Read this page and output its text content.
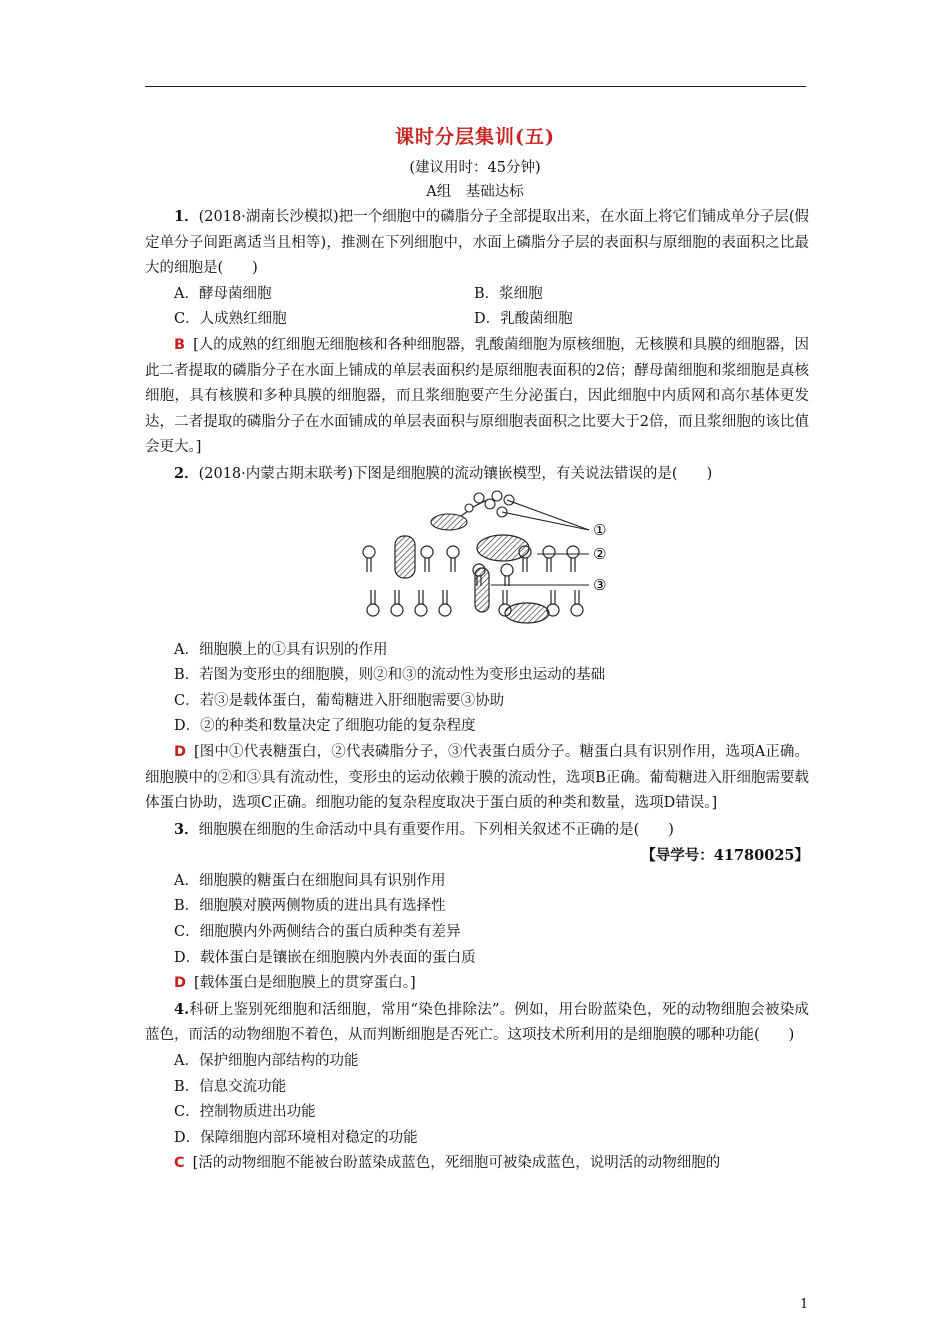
课时分层集训(五)
(建议用时：45分钟)
A组　基础达标

1．(2018·湖南长沙模拟)把一个细胞中的磷脂分子全部提取出来，在水面上将它们铺成单分子层(假定单分子间距离适当且相等)，推测在下列细胞中，水面上磷脂分子层的表面积与原细胞的表面积之比最大的细胞是(　　)

A．酵母菌细胞	B．浆细胞
C．人成熟红细胞	D．乳酸菌细胞

B [人的成熟的红细胞无细胞核和各种细胞器，乳酸菌细胞为原核细胞，无核膜和具膜的细胞器，因此二者提取的磷脂分子在水面上铺成的单层表面积约是原细胞表面积的2倍；酵母菌细胞和浆细胞是真核细胞，具有核膜和多种具膜的细胞器，而且浆细胞要产生分泌蛋白，因此细胞中内质网和高尔基体更发达，二者提取的磷脂分子在水面铺成的单层表面积与原细胞表面积之比要大于2倍，而且浆细胞的该比值会更大。]

2．(2018·内蒙古期末联考)下图是细胞膜的流动镶嵌模型，有关说法错误的是(　　)

①
②
③

A．细胞膜上的①具有识别的作用

B．若图为变形虫的细胞膜，则②和③的流动性为变形虫运动的基础

C．若③是载体蛋白，葡萄糖进入肝细胞需要③协助

D．②的种类和数量决定了细胞功能的复杂程度

D [图中①代表糖蛋白，②代表磷脂分子，③代表蛋白质分子。糖蛋白具有识别作用，选项A正确。细胞膜中的②和③具有流动性，变形虫的运动依赖于膜的流动性，选项B正确。葡萄糖进入肝细胞需要载体蛋白协助，选项C正确。细胞功能的复杂程度取决于蛋白质的种类和数量，选项D错误。]

3．细胞膜在细胞的生命活动中具有重要作用。下列相关叙述不正确的是(　　)

【导学号：41780025】

A．细胞膜的糖蛋白在细胞间具有识别作用

B．细胞膜对膜两侧物质的进出具有选择性

C．细胞膜内外两侧结合的蛋白质种类有差异

D．载体蛋白是镶嵌在细胞膜内外表面的蛋白质

D [载体蛋白是细胞膜上的贯穿蛋白。]

4.科研上鉴别死细胞和活细胞，常用“染色排除法”。例如，用台盼蓝染色，死的动物细胞会被染成蓝色，而活的动物细胞不着色，从而判断细胞是否死亡。这项技术所利用的是细胞膜的哪种功能(　　)

A．保护细胞内部结构的功能

B．信息交流功能

C．控制物质进出功能

D．保障细胞内部环境相对稳定的功能

C [活的动物细胞不能被台盼蓝染成蓝色，死细胞可被染成蓝色，说明活的动物细胞的

1
